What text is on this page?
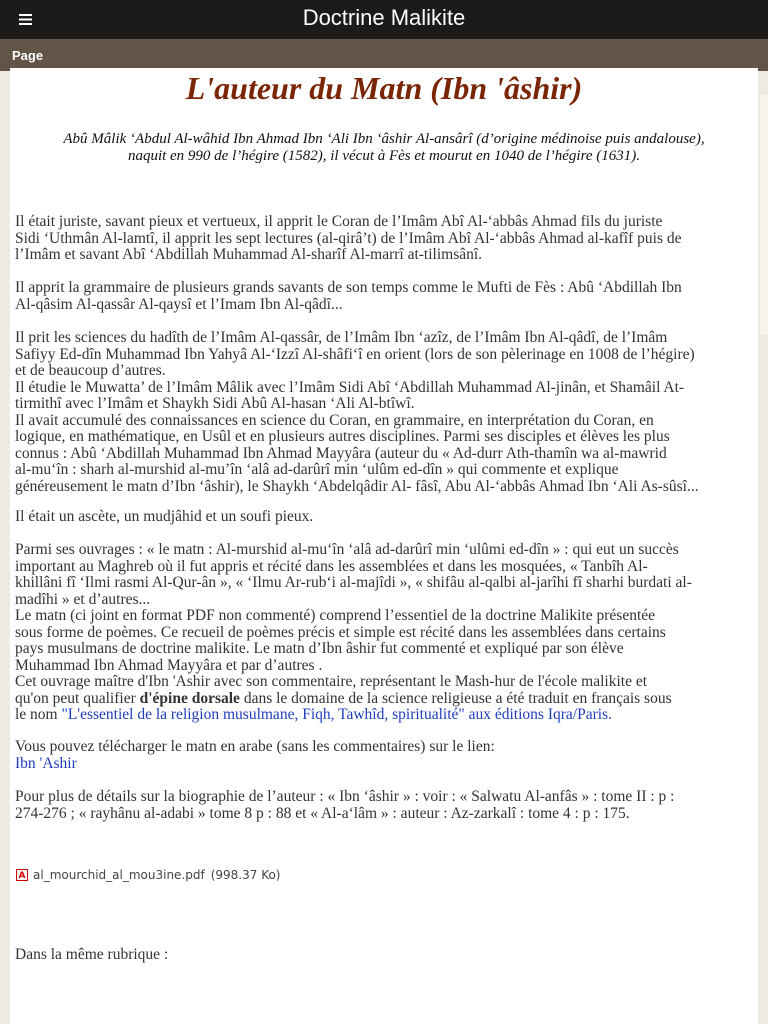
Doctrine Malikite
Page
L'auteur du Matn (Ibn 'âshir)
Abû Mâlik ‘Abdul Al-wâhid Ibn Ahmad Ibn ‘Ali Ibn ‘âshir Al-ansârî (d’origine médinoise puis andalouse),
naquit en 990 de l’hégire (1582), il vécut à Fès et mourut en 1040 de l’hégire (1631).
Il était juriste, savant pieux et vertueux, il apprit le Coran de l’Imâm Abî Al-‘abbâs Ahmad fils du juriste
Sidi ‘Uthmân Al-lamtî, il apprit les sept lectures (al-qirâ’t) de l’Imâm Abî Al-‘abbâs Ahmad al-kafîf puis de
l’Imâm et savant Abî ‘Abdillah Muhammad Al-sharîf Al-marrî at-tilimsânî.
Il apprit la grammaire de plusieurs grands savants de son temps comme le Mufti de Fès : Abû ‘Abdillah Ibn
Al-qâsim Al-qassâr Al-qaysî et l’Imam Ibn Al-qâdî...
Il prit les sciences du hadîth de l’Imâm Al-qassâr, de l’Imâm Ibn ‘azîz, de l’Imâm Ibn Al-qâdî, de l’Imâm
Safiyy Ed-dîn Muhammad Ibn Yahyâ Al-‘Izzî Al-shâfi‘î en orient (lors de son pèlerinage en 1008 de l’hégire)
et de beaucoup d’autres.
Il étudie le Muwatta’ de l’Imâm Mâlik avec l’Imâm Sidi Abî ‘Abdillah Muhammad Al-jinân, et Shamâil At-
tirmithî avec l’Imâm et Shaykh Sidi Abû Al-hasan ‘Ali Al-btîwî.
Il avait accumulé des connaissances en science du Coran, en grammaire, en interprétation du Coran, en
logique, en mathématique, en Usûl et en plusieurs autres disciplines. Parmi ses disciples et élèves les plus
connus : Abû ‘Abdillah Muhammad Ibn Ahmad Mayyâra (auteur du « Ad-durr Ath-thamîn wa al-mawrid
al-mu‘în : sharh al-murshid al-mu’în ‘alâ ad-darûrî min ‘ulûm ed-dîn » qui commente et explique
généreusement le matn d’Ibn ‘âshir), le Shaykh ‘Abdelqâdir Al- fâsî, Abu Al-‘abbâs Ahmad Ibn ‘Ali As-sûsî...
Il était un ascète, un mudjâhid et un soufi pieux.
Parmi ses ouvrages : « le matn : Al-murshid al-mu‘în ‘alâ ad-darûrî min ‘ulûmi ed-dîn » : qui eut un succès
important au Maghreb où il fut appris et récité dans les assemblées et dans les mosquées, « Tanbîh Al-
khillâni fî ‘Ilmi rasmi Al-Qur-ân », « ‘Ilmu Ar-rub‘i al-majîdi », « shifâu al-qalbi al-jarîhi fî sharhi burdati al-
madîhi » et d’autres...
Le matn (ci joint en format PDF non commenté) comprend l’essentiel de la doctrine Malikite présentée
sous forme de poèmes. Ce recueil de poèmes précis et simple est récité dans les assemblées dans certains
pays musulmans de doctrine malikite. Le matn d’Ibn âshir fut commenté et expliqué par son élève
Muhammad Ibn Ahmad Mayyâra et par d’autres .
Cet ouvrage maître d'Ibn 'Ashir avec son commentaire, représentant le Mash-hur de l'école malikite et
qu'on peut qualifier d'épine dorsale dans le domaine de la science religieuse a été traduit en français sous
le nom "L'essentiel de la religion musulmane, Fiqh, Tawhîd, spiritualité" aux éditions Iqra/Paris.
Vous pouvez télécharger le matn en arabe (sans les commentaires) sur le lien:
Ibn 'Ashir
Pour plus de détails sur la biographie de l’auteur : « Ibn ‘âshir » : voir : « Salwatu Al-anfâs » : tome II : p :
274-276 ; « rayhânu al-adabi » tome 8 p : 88 et « Al-a‘lâm » : auteur : Az-zarkalî : tome 4 : p : 175.
A al_mourchid_al_mou3ine.pdf (998.37 Ko)
Dans la même rubrique :
